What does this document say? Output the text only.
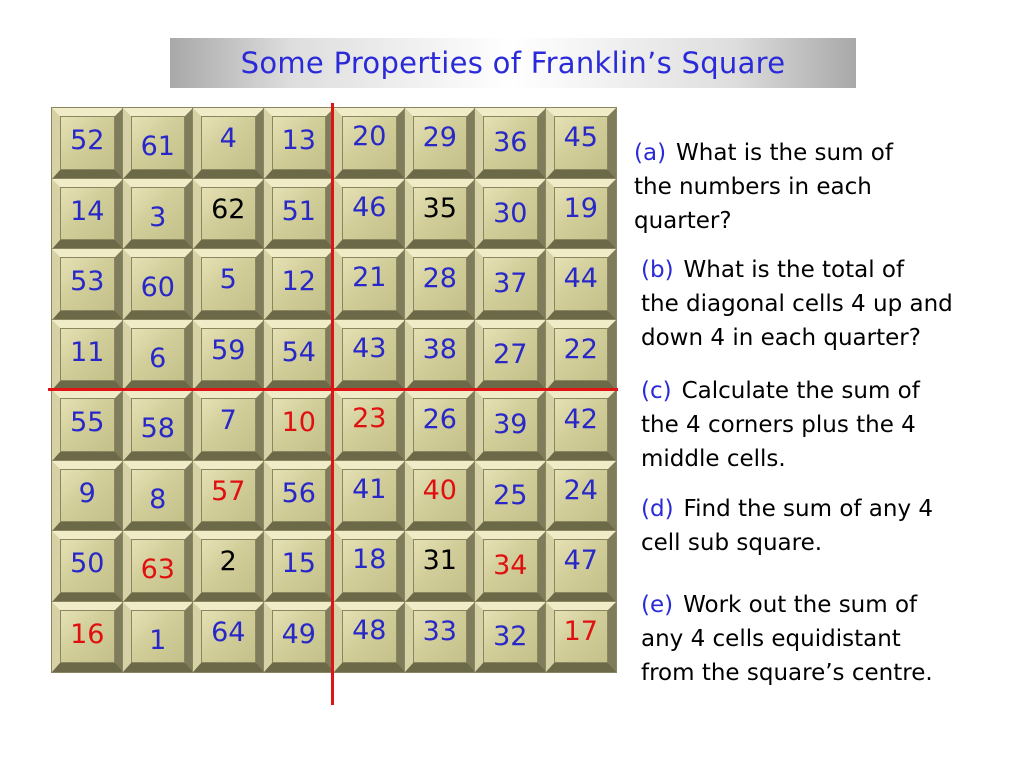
Some Properties of Franklin’s Square
52 61	4	13 20 29 36 45
14	3	62 51 46 35 30 19
53 60	5	12 21 28 37 44
11	6	59 54 43 38 27 22
55 58	7	10 23 26 39 42
9	8	57 56 41 40 25 24
50 63	2	15 18 31 34 47
16	1	64 49 48 33 32 17
(a) What is the sum of
the numbers in each
quarter?
(b) What is the total of
the diagonal cells 4 up and
down 4 in each quarter?
(c) Calculate the sum of
the 4 corners plus the 4
middle cells.
(d) Find the sum of any 4
cell sub square.
(e) Work out the sum of
any 4 cells equidistant
from the square’s centre.
